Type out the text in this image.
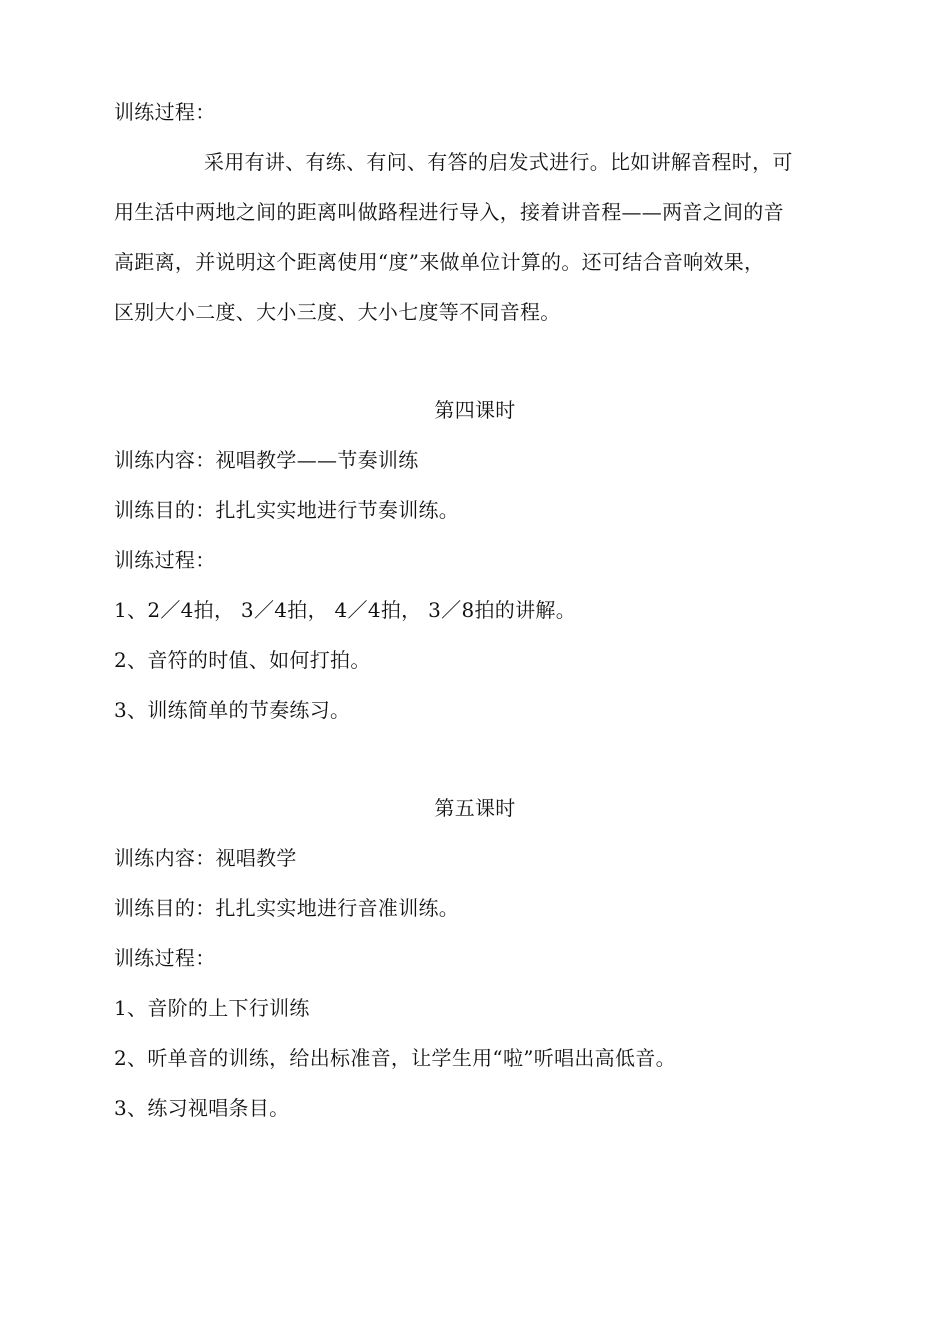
训练过程：
采用有讲、有练、有问、有答的启发式进行。比如讲解音程时，可
用生活中两地之间的距离叫做路程进行导入，接着讲音程——两音之间的音
高距离，并说明这个距离使用“度”来做单位计算的。还可结合音响效果，
区别大小二度、大小三度、大小七度等不同音程。
第四课时
训练内容：视唱教学——节奏训练
训练目的：扎扎实实地进行节奏训练。
训练过程：
1、2／4拍， 3／4拍， 4／4拍， 3／8拍的讲解。
2、音符的时值、如何打拍。
3、训练简单的节奏练习。
第五课时
训练内容：视唱教学
训练目的：扎扎实实地进行音准训练。
训练过程：
1、音阶的上下行训练
2、听单音的训练，给出标准音，让学生用“啦”听唱出高低音。
3、练习视唱条目。
